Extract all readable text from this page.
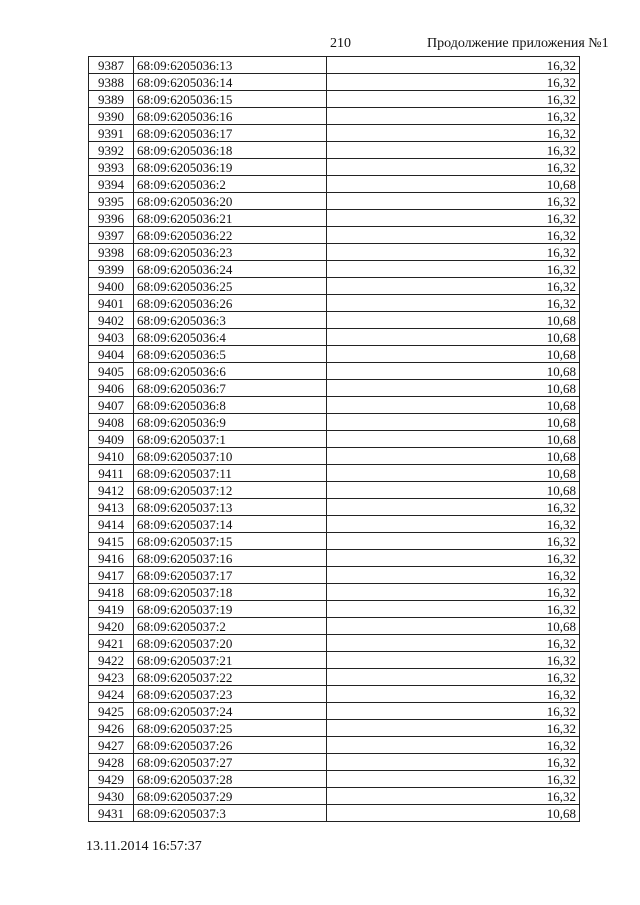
210	Продолжение приложения №1
9387	68:09:6205036:13	16,32
9388	68:09:6205036:14	16,32
9389	68:09:6205036:15	16,32
9390	68:09:6205036:16	16,32
9391	68:09:6205036:17	16,32
9392	68:09:6205036:18	16,32
9393	68:09:6205036:19	16,32
9394	68:09:6205036:2	10,68
9395	68:09:6205036:20	16,32
9396	68:09:6205036:21	16,32
9397	68:09:6205036:22	16,32
9398	68:09:6205036:23	16,32
9399	68:09:6205036:24	16,32
9400	68:09:6205036:25	16,32
9401	68:09:6205036:26	16,32
9402	68:09:6205036:3	10,68
9403	68:09:6205036:4	10,68
9404	68:09:6205036:5	10,68
9405	68:09:6205036:6	10,68
9406	68:09:6205036:7	10,68
9407	68:09:6205036:8	10,68
9408	68:09:6205036:9	10,68
9409	68:09:6205037:1	10,68
9410	68:09:6205037:10	10,68
9411	68:09:6205037:11	10,68
9412	68:09:6205037:12	10,68
9413	68:09:6205037:13	16,32
9414	68:09:6205037:14	16,32
9415	68:09:6205037:15	16,32
9416	68:09:6205037:16	16,32
9417	68:09:6205037:17	16,32
9418	68:09:6205037:18	16,32
9419	68:09:6205037:19	16,32
9420	68:09:6205037:2	10,68
9421	68:09:6205037:20	16,32
9422	68:09:6205037:21	16,32
9423	68:09:6205037:22	16,32
9424	68:09:6205037:23	16,32
9425	68:09:6205037:24	16,32
9426	68:09:6205037:25	16,32
9427	68:09:6205037:26	16,32
9428	68:09:6205037:27	16,32
9429	68:09:6205037:28	16,32
9430	68:09:6205037:29	16,32
9431	68:09:6205037:3	10,68
13.11.2014 16:57:37
